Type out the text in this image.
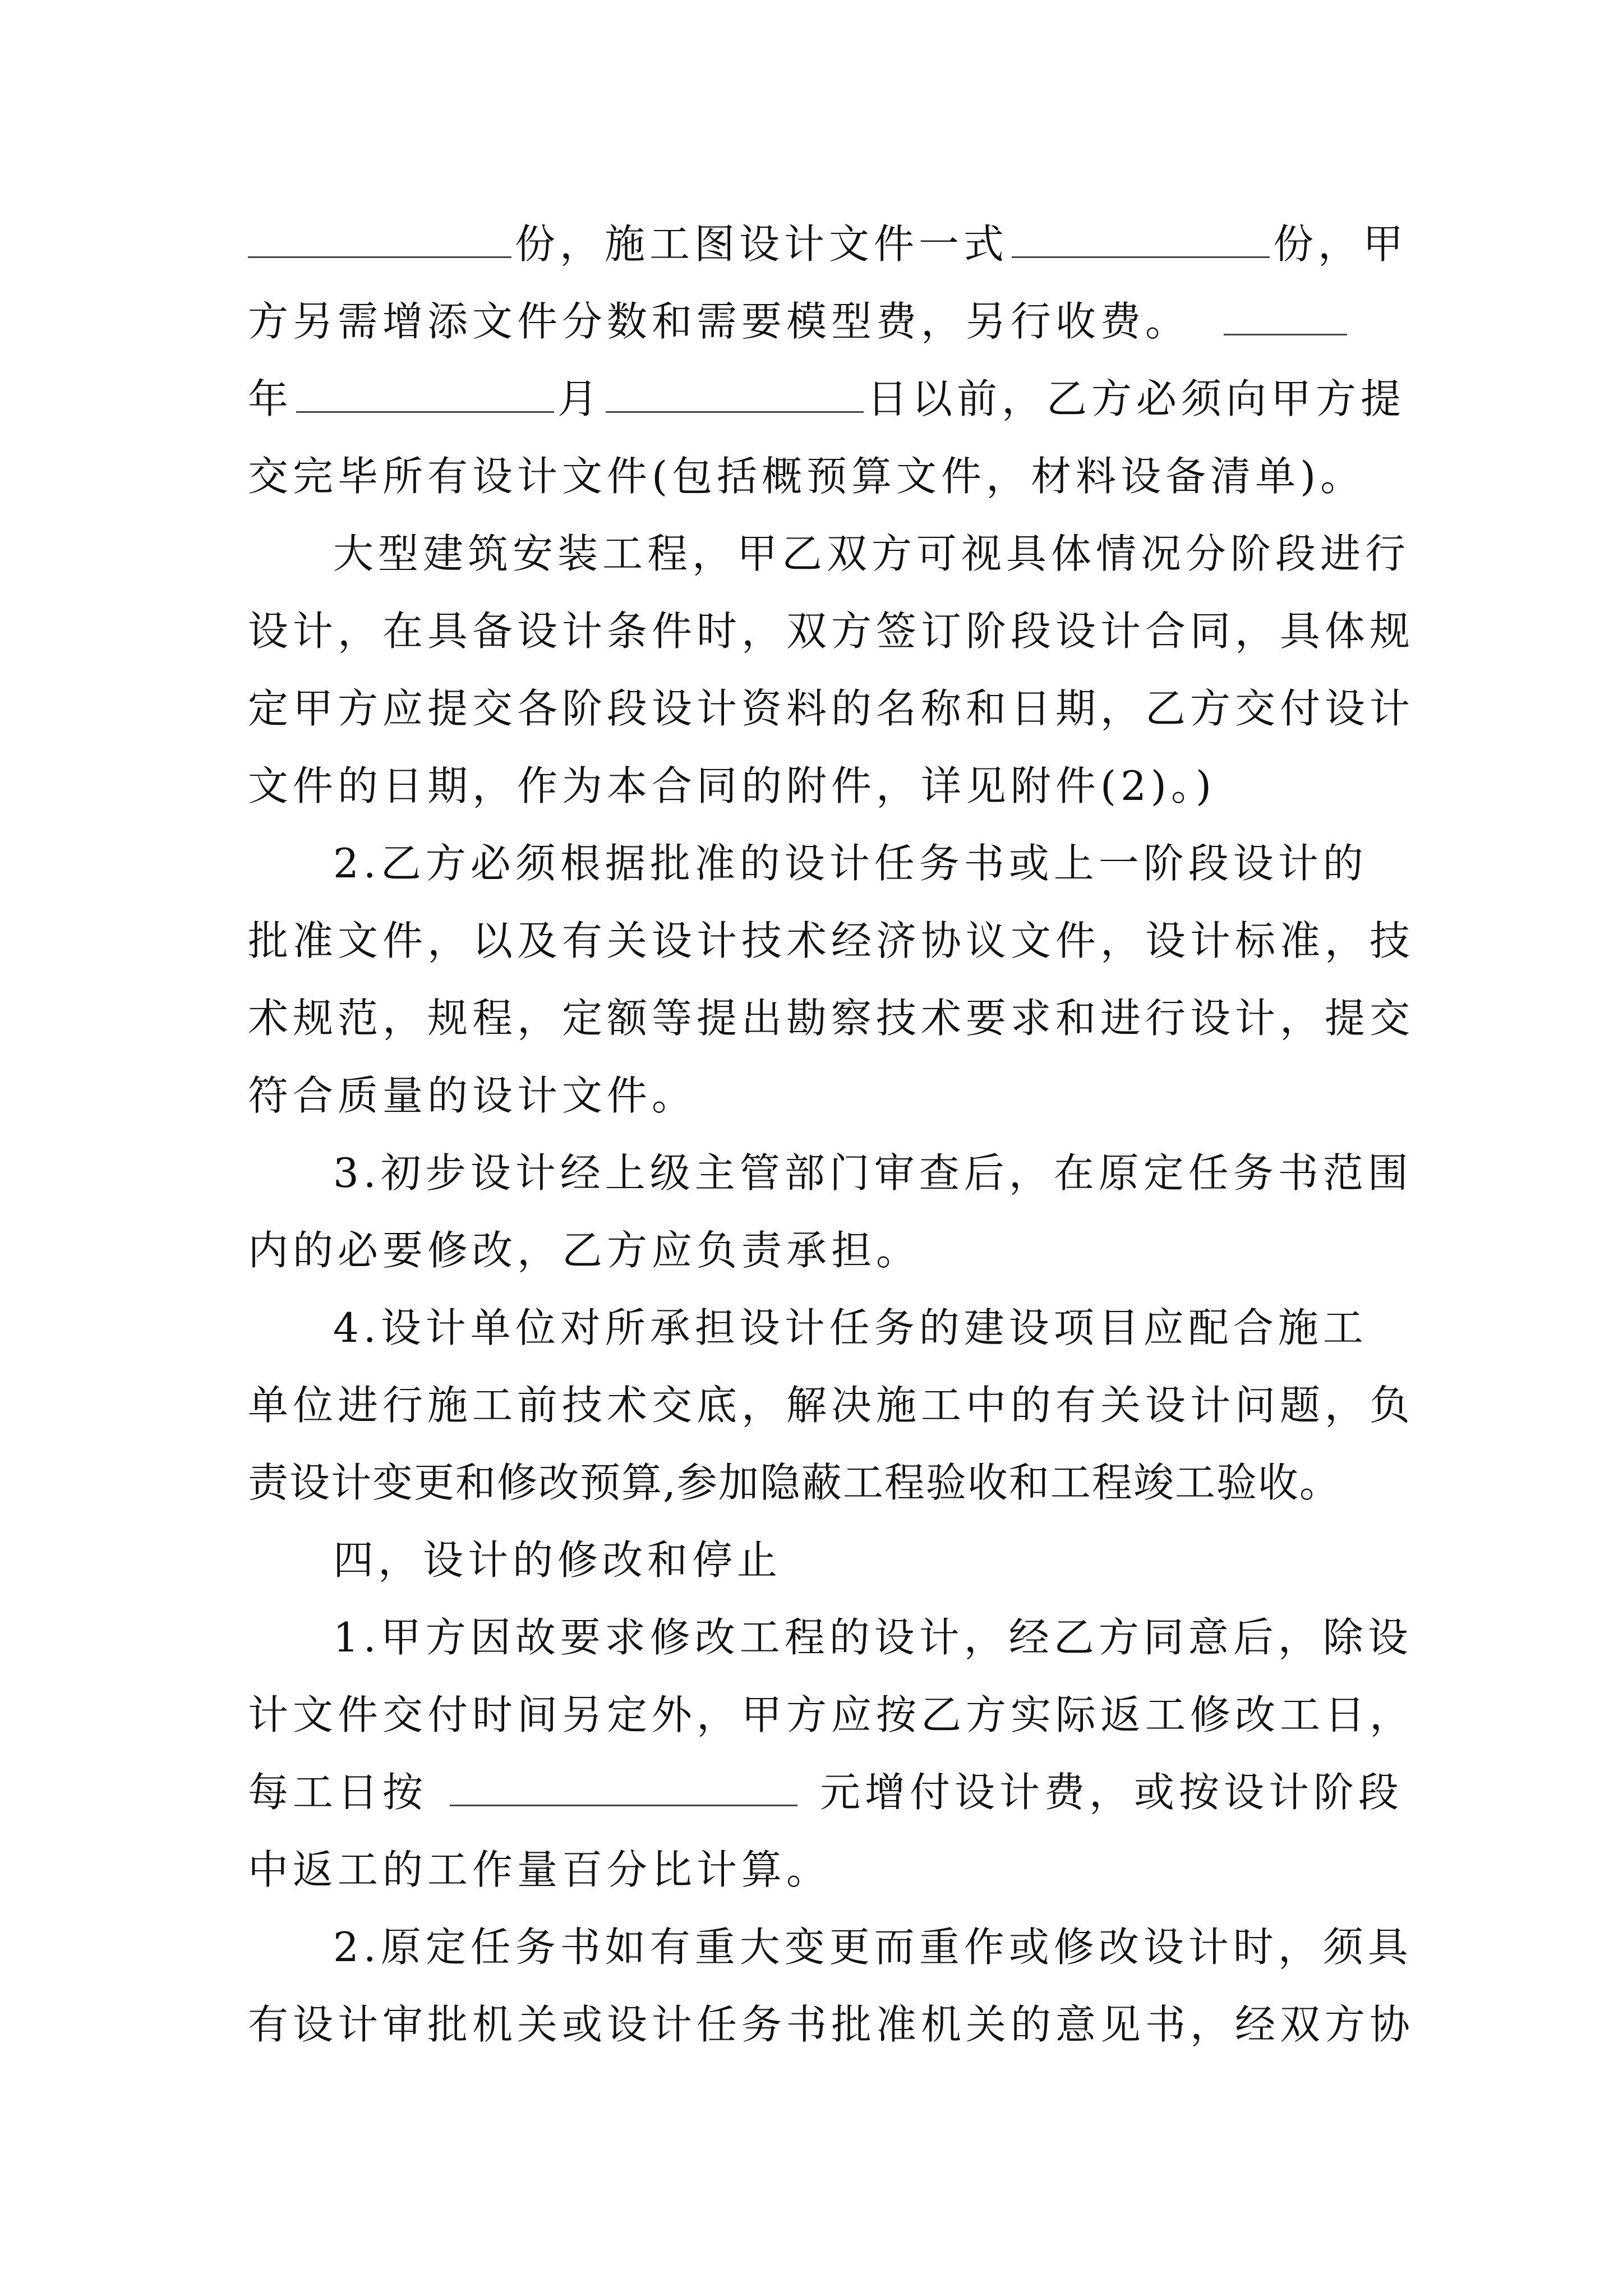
份，施工图设计文件一式	份，甲
方另需增添文件分数和需要模型费，另行收费。
年	月	日以前，乙方必须向甲方提
交完毕所有设计文件(包括概预算文件，材料设备清单)。
大型建筑安装工程，甲乙双方可视具体情况分阶段进行
设计，在具备设计条件时，双方签订阶段设计合同，具体规
定甲方应提交各阶段设计资料的名称和日期，乙方交付设计
文件的日期，作为本合同的附件，详见附件(2)。)
2.乙方必须根据批准的设计任务书或上一阶段设计的
批准文件，以及有关设计技术经济协议文件，设计标准，技
术规范，规程，定额等提出勘察技术要求和进行设计，提交
符合质量的设计文件。
3.初步设计经上级主管部门审查后，在原定任务书范围
内的必要修改，乙方应负责承担。
4.设计单位对所承担设计任务的建设项目应配合施工
单位进行施工前技术交底，解决施工中的有关设计问题，负
责设计变更和修改预算,参加隐蔽工程验收和工程竣工验收。
四，设计的修改和停止
1.甲方因故要求修改工程的设计，经乙方同意后，除设
计文件交付时间另定外，甲方应按乙方实际返工修改工日，
每工日按	元增付设计费，或按设计阶段
中返工的工作量百分比计算。
2.原定任务书如有重大变更而重作或修改设计时，须具
有设计审批机关或设计任务书批准机关的意见书，经双方协
